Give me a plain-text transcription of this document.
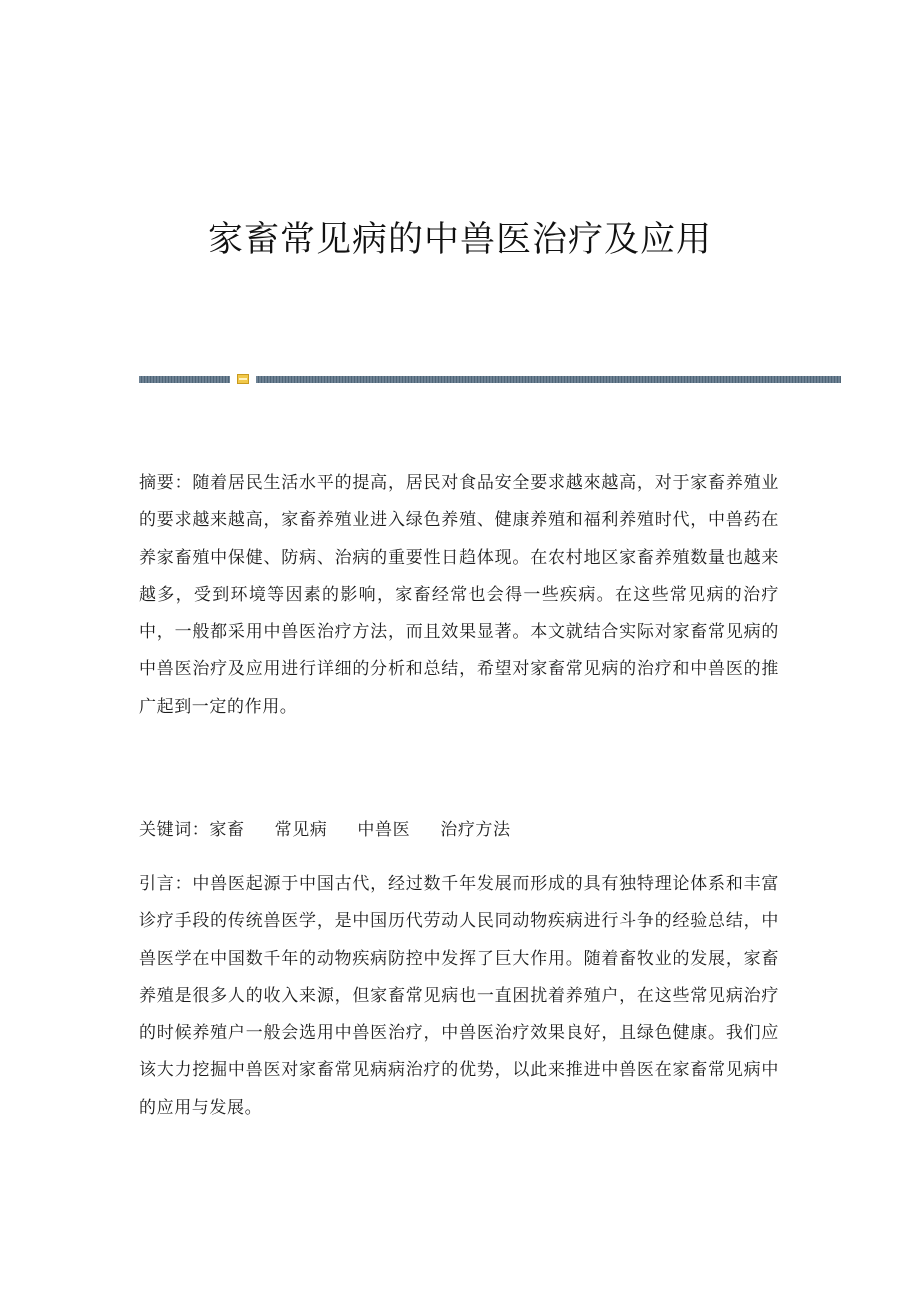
家畜常见病的中兽医治疗及应用

摘要：随着居民生活水平的提高，居民对食品安全要求越來越高，对于家畜养殖业的要求越来越高，家畜养殖业进入绿色养殖、健康养殖和福利养殖时代，中兽药在养家畜殖中保健、防病、治病的重要性日趋体现。在农村地区家畜养殖数量也越来越多，受到环境等因素的影响，家畜经常也会得一些疾病。在这些常见病的治疗中，一般都采用中兽医治疗方法，而且效果显著。本文就结合实际对家畜常见病的中兽医治疗及应用进行详细的分析和总结，希望对家畜常见病的治疗和中兽医的推广起到一定的作用。

关键词：家畜 常见病 中兽医 治疗方法

引言：中兽医起源于中国古代，经过数千年发展而形成的具有独特理论体系和丰富诊疗手段的传统兽医学，是中国历代劳动人民同动物疾病进行斗争的经验总结，中兽医学在中国数千年的动物疾病防控中发挥了巨大作用。随着畜牧业的发展，家畜养殖是很多人的收入来源，但家畜常见病也一直困扰着养殖户，在这些常见病治疗的时候养殖户一般会选用中兽医治疗，中兽医治疗效果良好，且绿色健康。我们应该大力挖掘中兽医对家畜常见病病治疗的优势，以此来推进中兽医在家畜常见病中的应用与发展。
